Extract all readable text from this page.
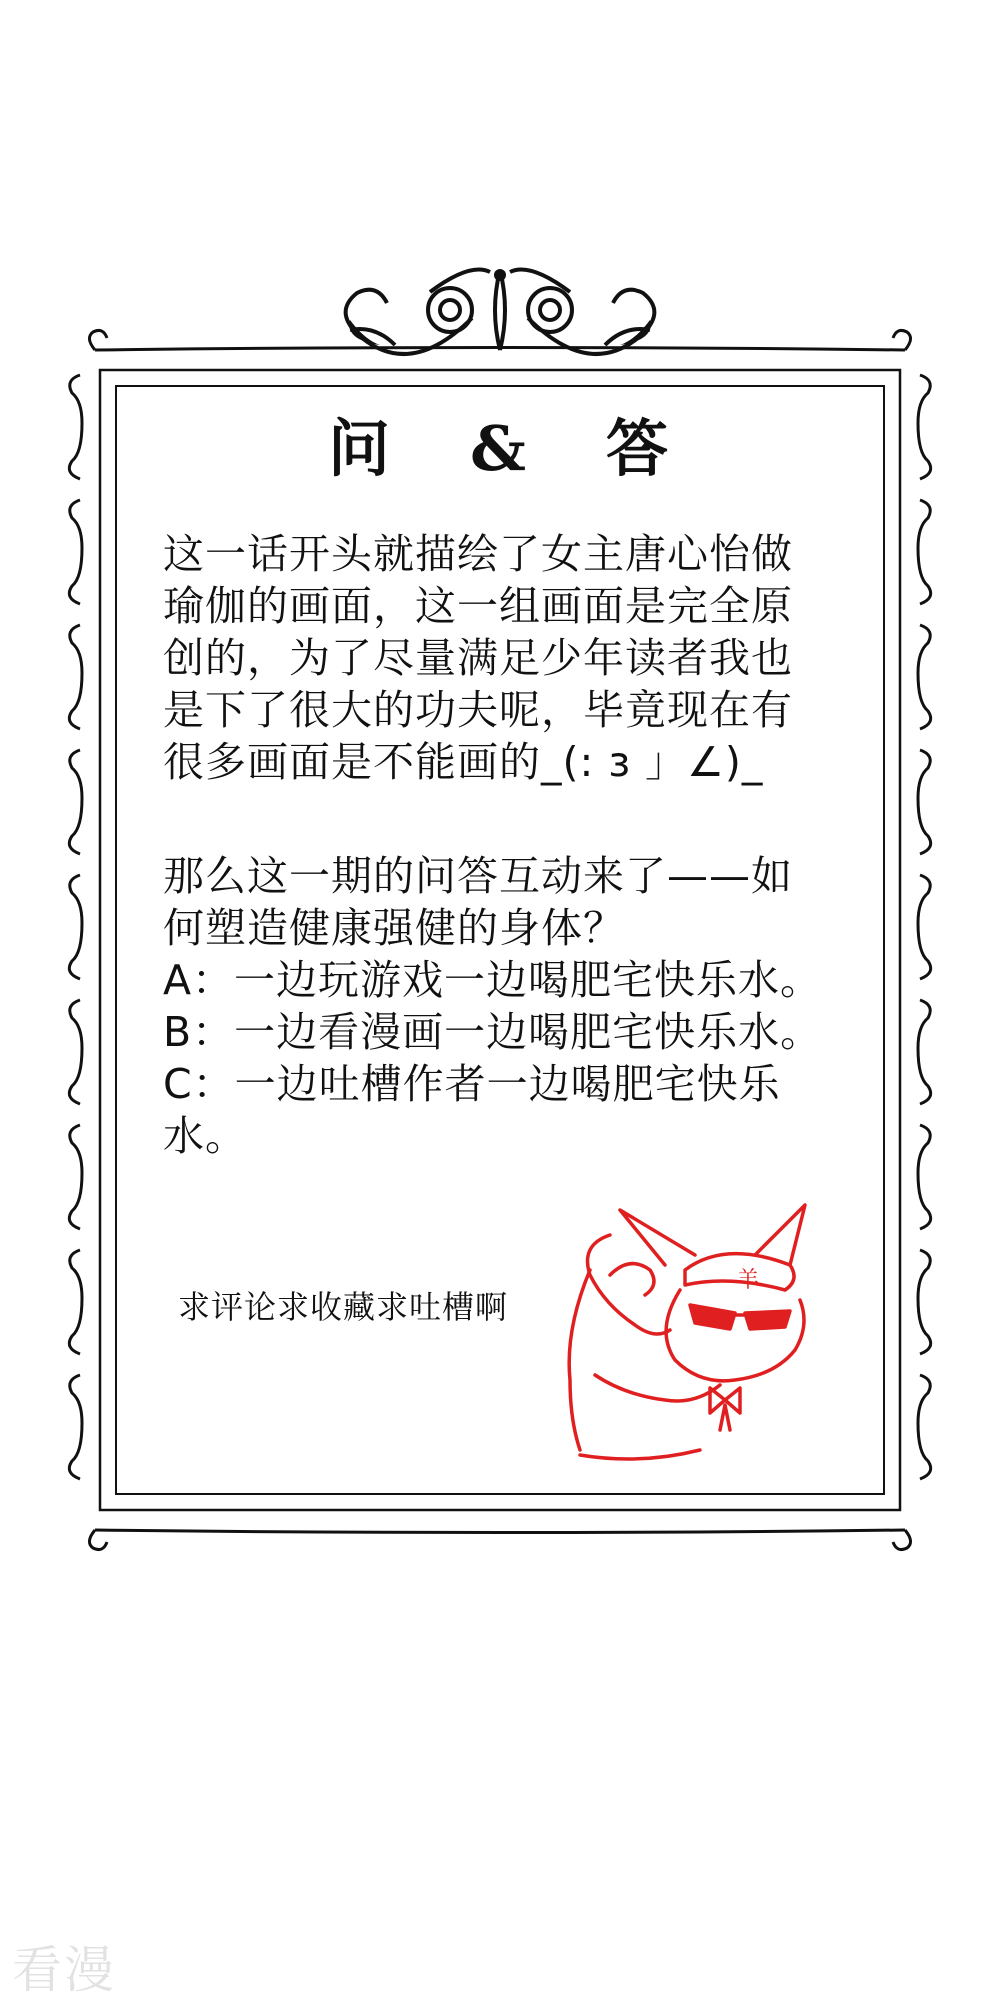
问 & 答
这一话开头就描绘了女主唐心怡做
瑜伽的画面，这一组画面是完全原
创的，为了尽量满足少年读者我也
是下了很大的功夫呢，毕竟现在有
很多画面是不能画的_(: з 」∠)_
那么这一期的问答互动来了——如
何塑造健康强健的身体？
A：一边玩游戏一边喝肥宅快乐水。
B：一边看漫画一边喝肥宅快乐水。
C：一边吐槽作者一边喝肥宅快乐
水。
求评论求收藏求吐槽啊
羊
看漫
